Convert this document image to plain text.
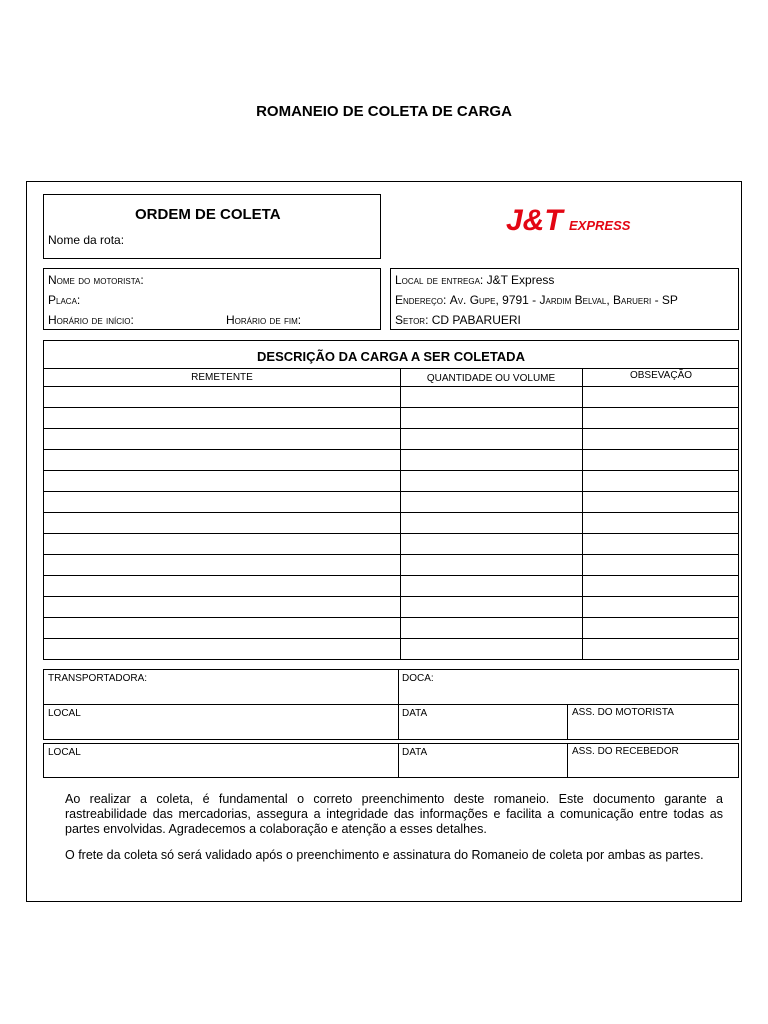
ROMANEIO DE COLETA DE CARGA
ORDEM DE COLETA
Nome da rota:
J&T EXPRESS
Nome do motorista:
Placa:
Horário de início:	Horário de fim:
Local de entrega: J&T Express
Endereço: Av. Gupe, 9791 - Jardim Belval, Barueri - SP
Setor: CD PABARUERI
DESCRIÇÃO DA CARGA A SER COLETADA
REMETENTE	QUANTIDADE OU VOLUME	OBSEVAÇÃO
TRANSPORTADORA:	DOCA:
LOCAL	DATA	ASS. DO MOTORISTA
LOCAL	DATA	ASS. DO RECEBEDOR
Ao realizar a coleta, é fundamental o correto preenchimento deste romaneio. Este documento garante a rastreabilidade das mercadorias, assegura a integridade das informações e facilita a comunicação entre todas as partes envolvidas. Agradecemos a colaboração e atenção a esses detalhes.
O frete da coleta só será validado após o preenchimento e assinatura do Romaneio de coleta por ambas as partes.
